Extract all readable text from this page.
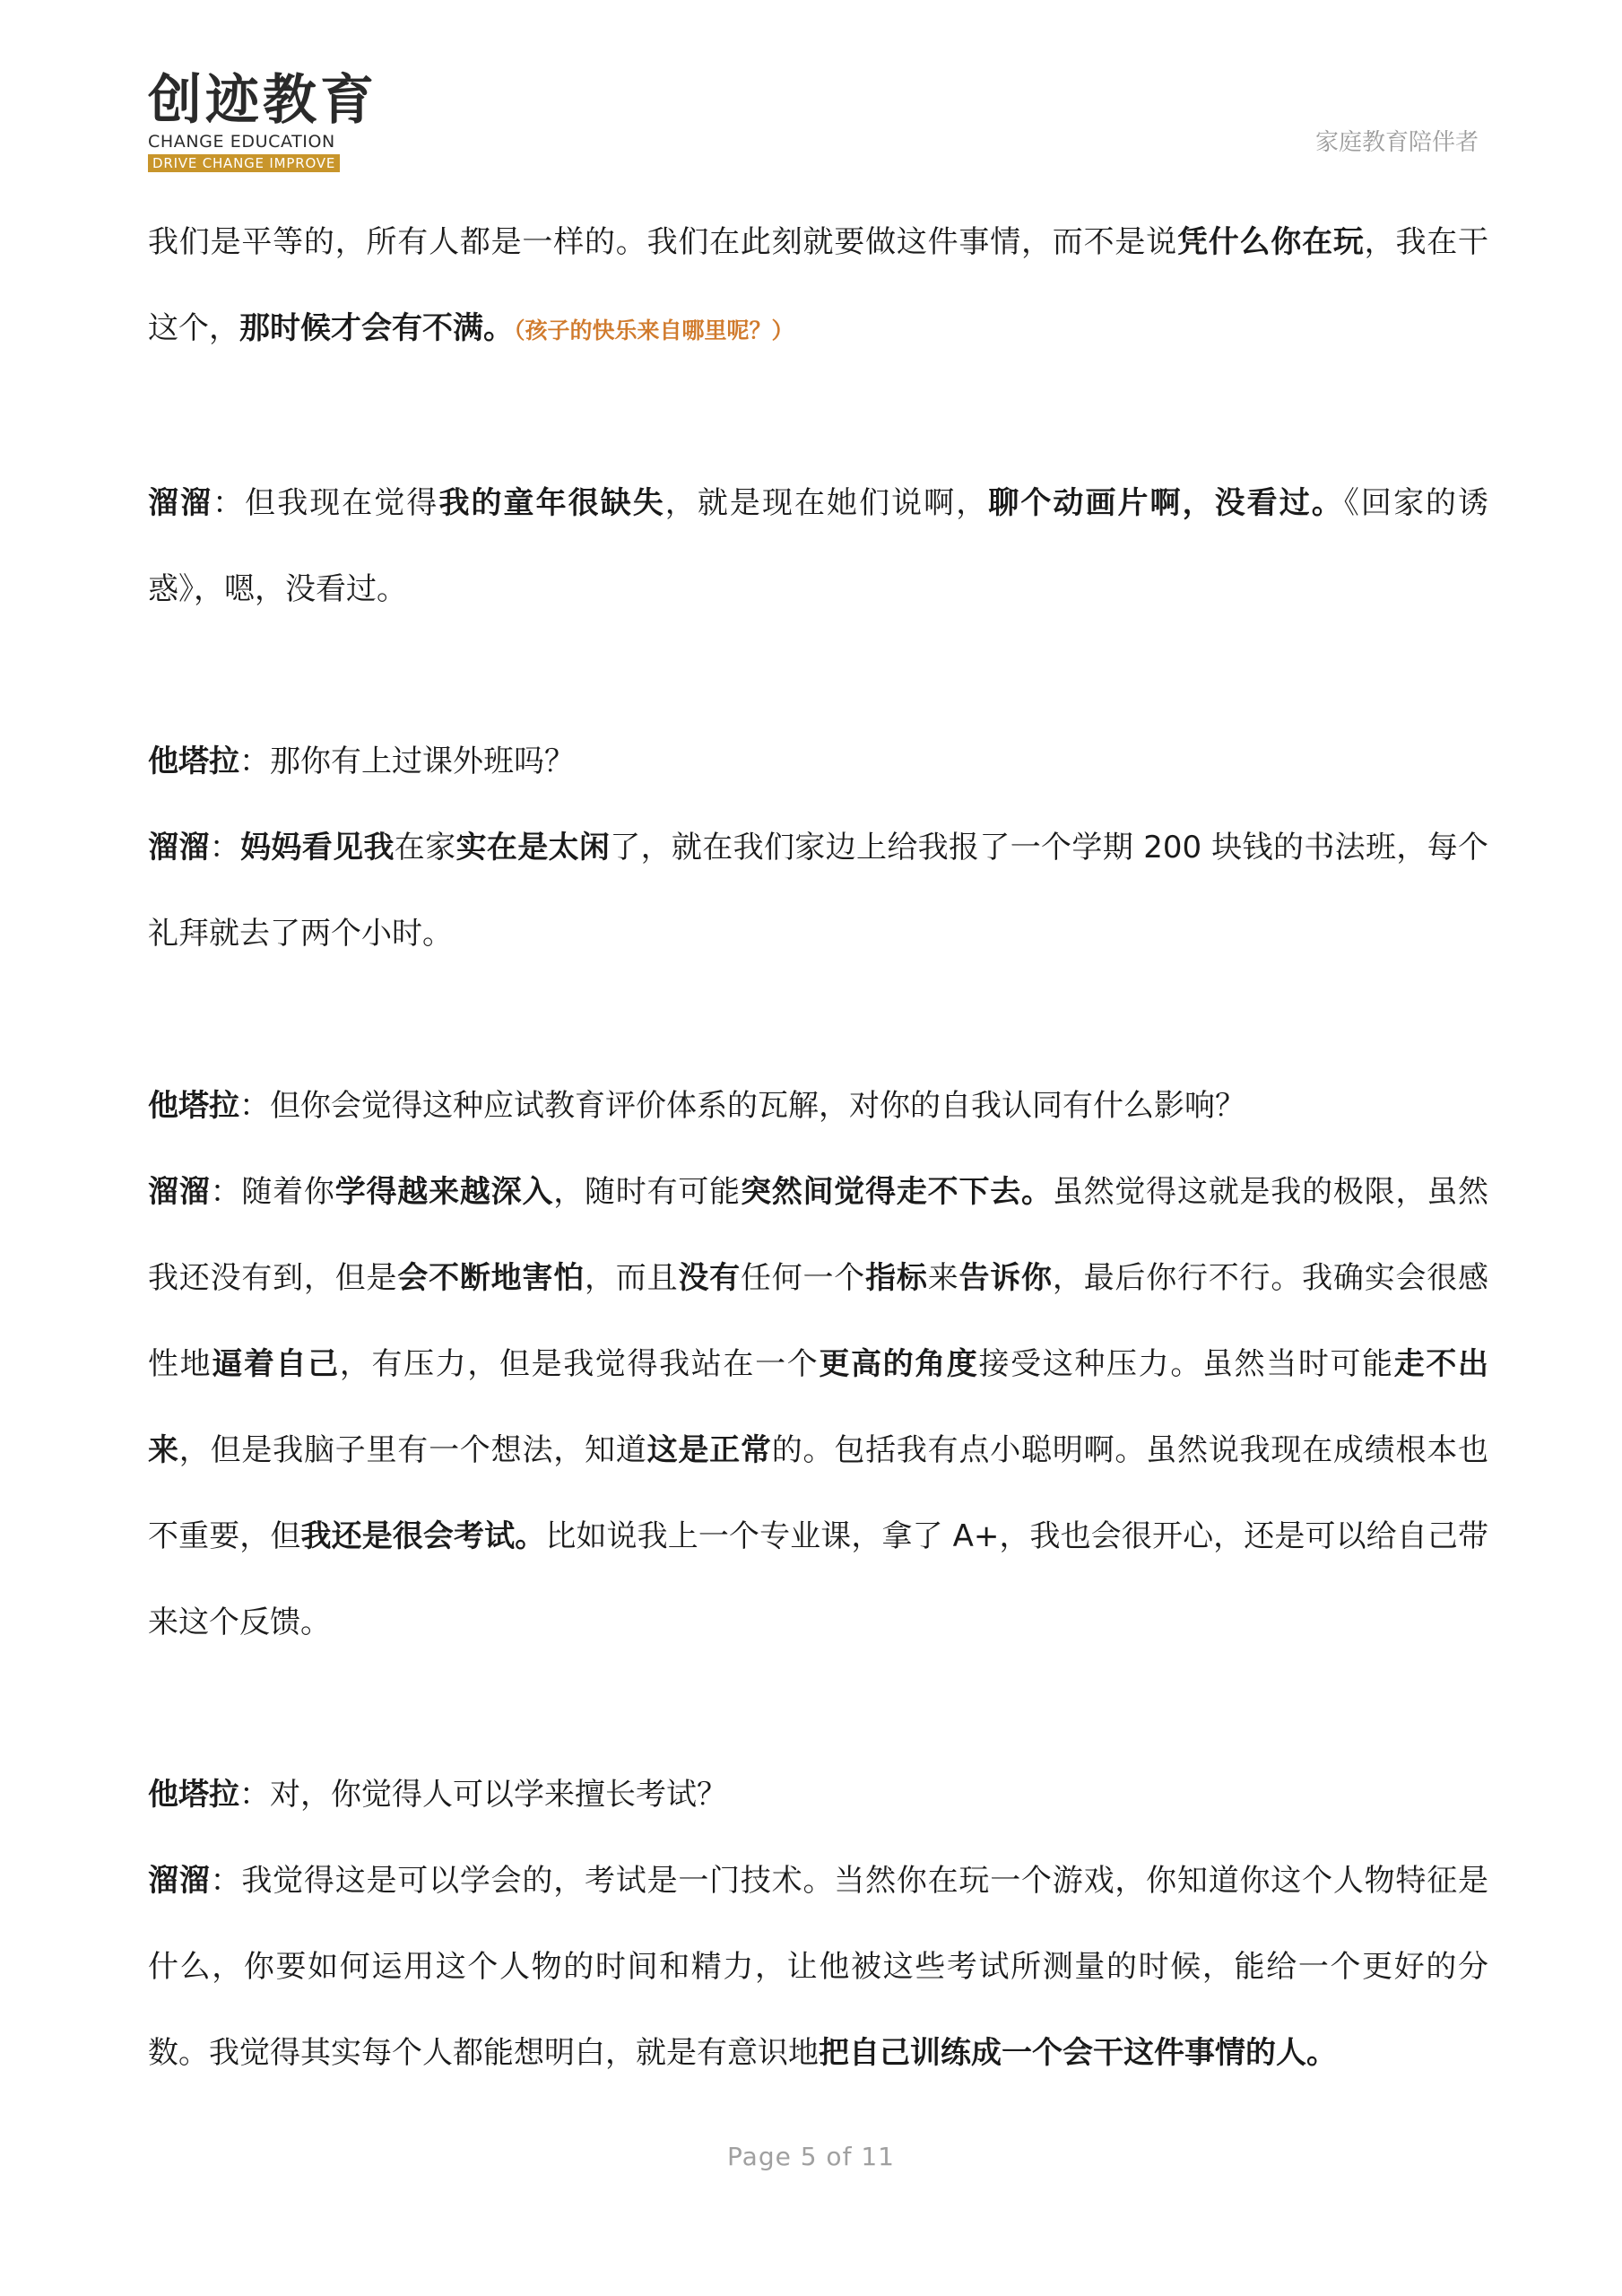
创迹教育
CHANGE EDUCATION
DRIVE CHANGE IMPROVE
家庭教育陪伴者

我们是平等的，所有人都是一样的。我们在此刻就要做这件事情，而不是说凭什么你在玩，我在干这个，那时候才会有不满。（孩子的快乐来自哪里呢？）

溜溜：但我现在觉得我的童年很缺失，就是现在她们说啊，聊个动画片啊，没看过。《回家的诱惑》，嗯，没看过。

他塔拉：那你有上过课外班吗？

溜溜：妈妈看见我在家实在是太闲了，就在我们家边上给我报了一个学期 200 块钱的书法班，每个礼拜就去了两个小时。

他塔拉：但你会觉得这种应试教育评价体系的瓦解，对你的自我认同有什么影响？

溜溜：随着你学得越来越深入，随时有可能突然间觉得走不下去。虽然觉得这就是我的极限，虽然我还没有到，但是会不断地害怕，而且没有任何一个指标来告诉你，最后你行不行。我确实会很感性地逼着自己，有压力，但是我觉得我站在一个更高的角度接受这种压力。虽然当时可能走不出来，但是我脑子里有一个想法，知道这是正常的。包括我有点小聪明啊。虽然说我现在成绩根本也不重要，但我还是很会考试。比如说我上一个专业课，拿了 A+，我也会很开心，还是可以给自己带来这个反馈。

他塔拉：对，你觉得人可以学来擅长考试？

溜溜：我觉得这是可以学会的，考试是一门技术。当然你在玩一个游戏，你知道你这个人物特征是什么，你要如何运用这个人物的时间和精力，让他被这些考试所测量的时候，能给一个更好的分数。我觉得其实每个人都能想明白，就是有意识地把自己训练成一个会干这件事情的人。

Page 5 of 11
